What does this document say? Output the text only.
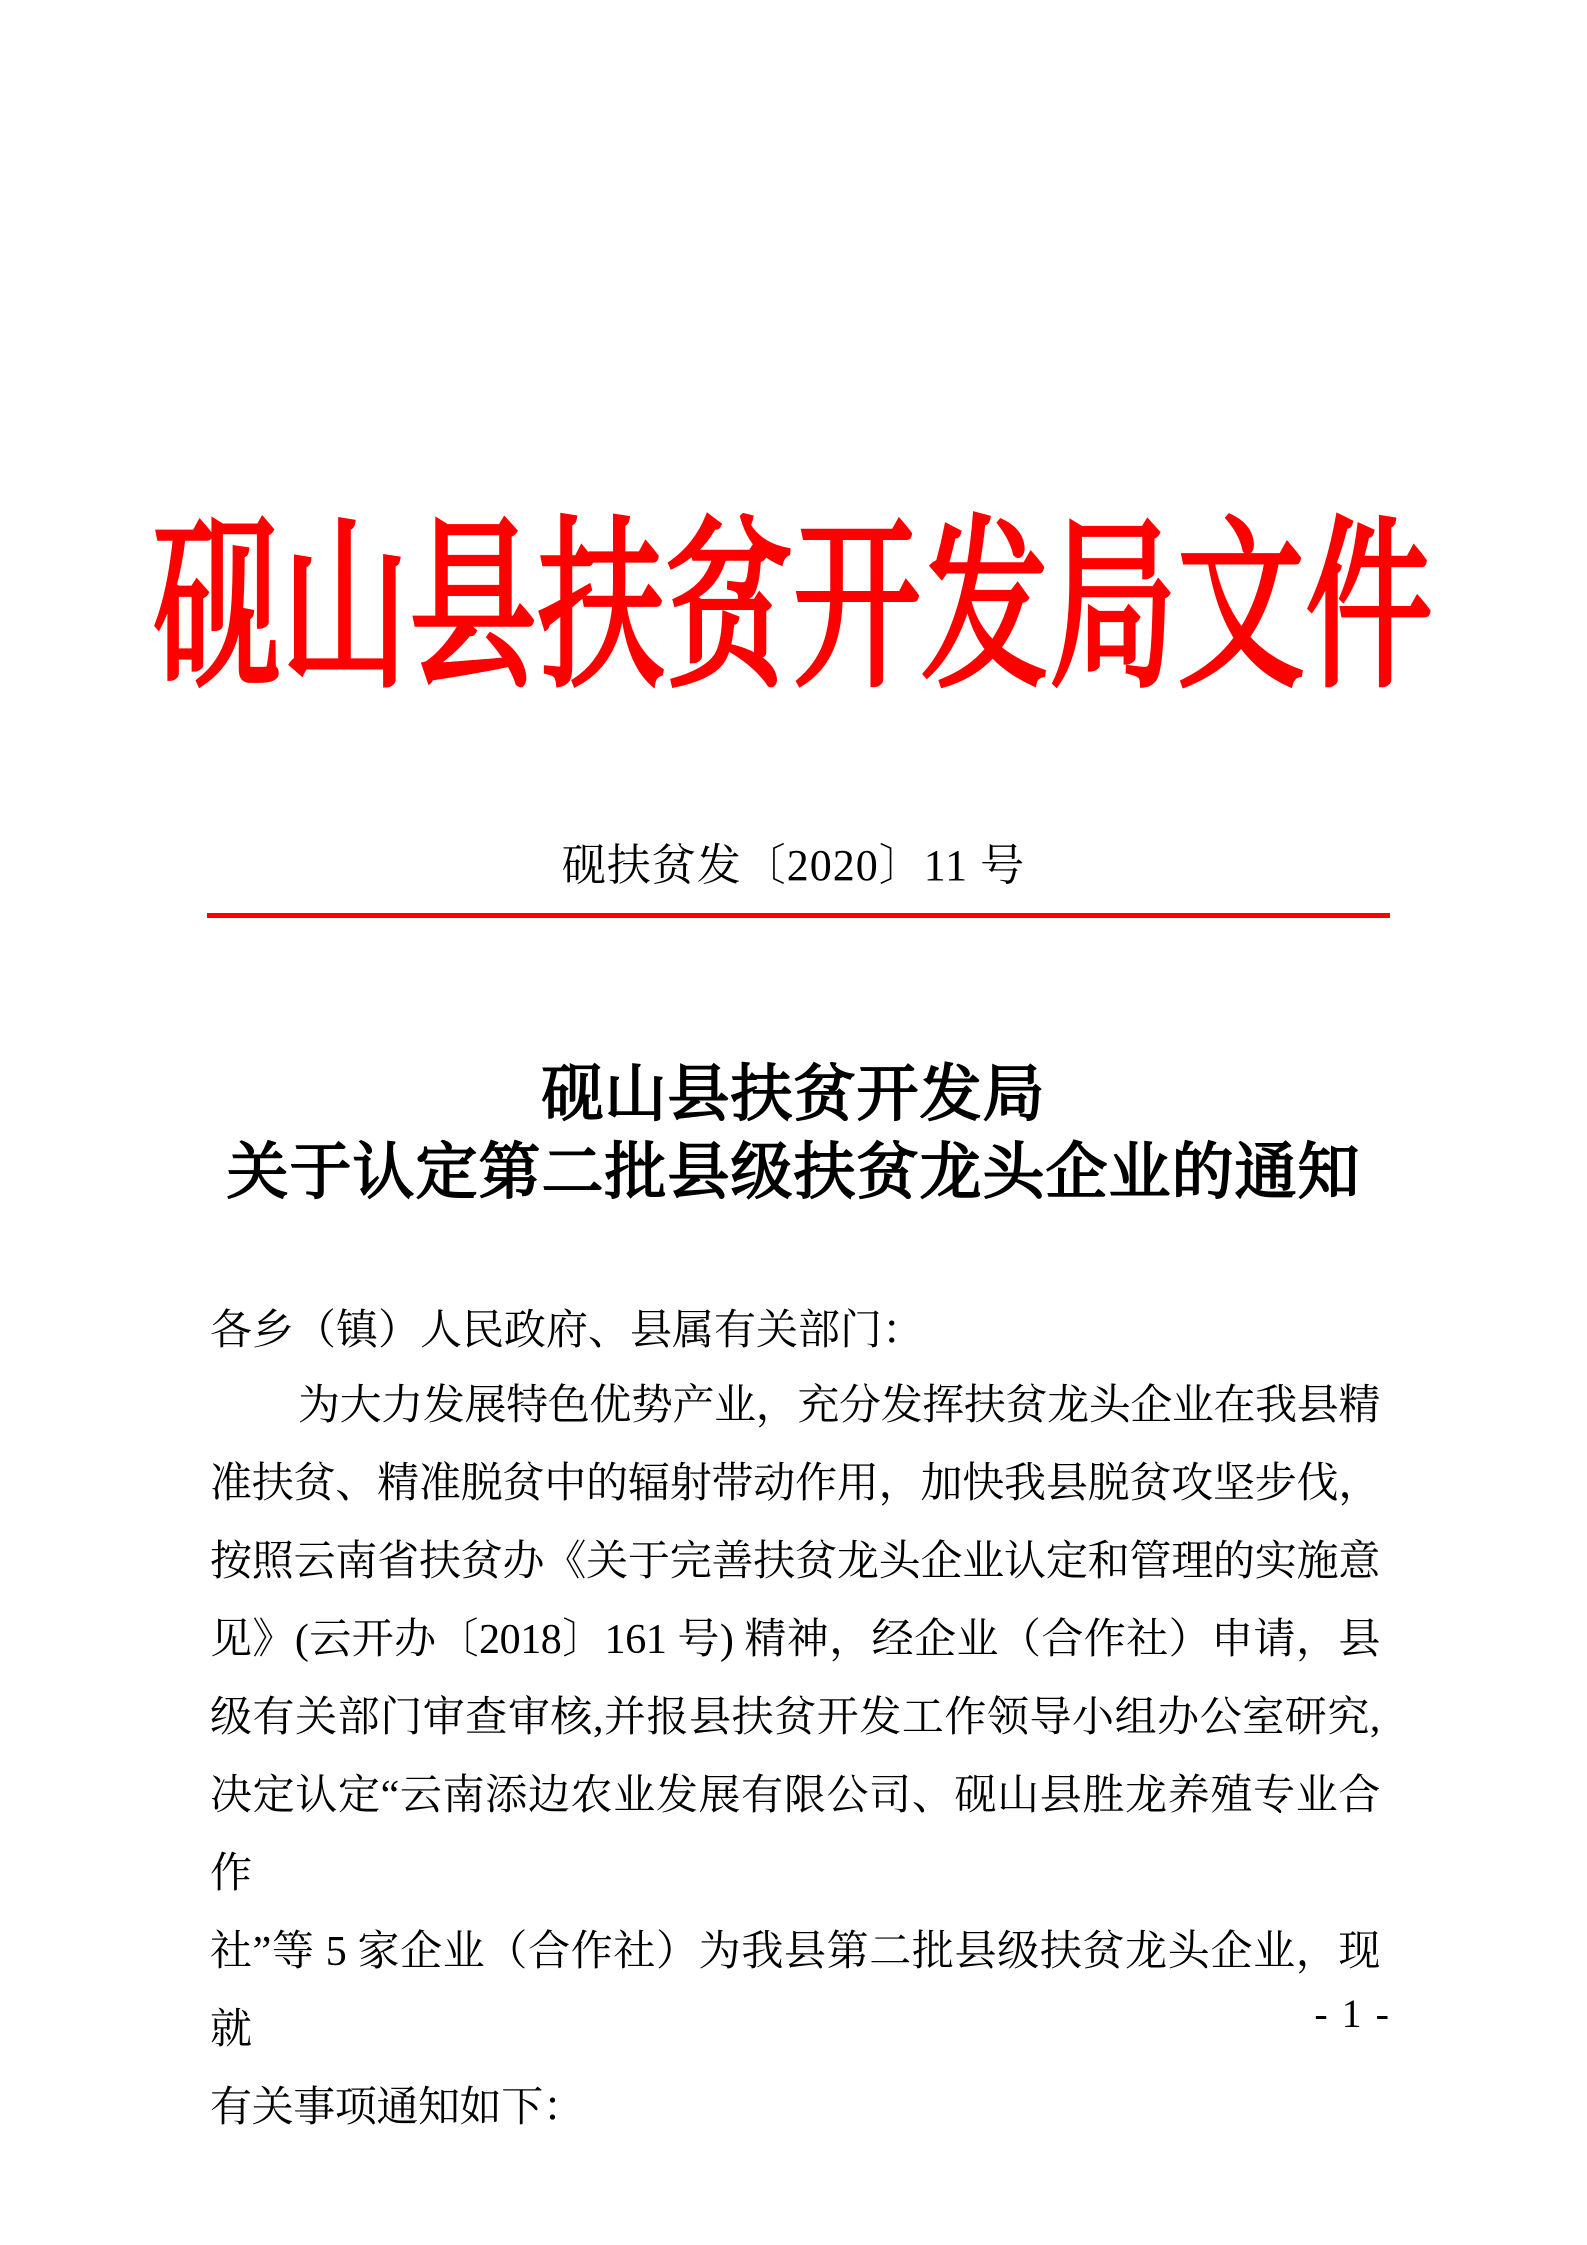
砚山县扶贫开发局文件
砚扶贫发〔2020〕11 号
砚山县扶贫开发局
关于认定第二批县级扶贫龙头企业的通知
各乡（镇）人民政府、县属有关部门：

为大力发展特色优势产业，充分发挥扶贫龙头企业在我县精

准扶贫、精准脱贫中的辐射带动作用，加快我县脱贫攻坚步伐，

按照云南省扶贫办《关于完善扶贫龙头企业认定和管理的实施意

见》(云开办〔2018〕161 号) 精神，经企业（合作社）申请，县

级有关部门审查审核,并报县扶贫开发工作领导小组办公室研究,

决定认定“云南添边农业发展有限公司、砚山县胜龙养殖专业合作

社”等 5 家企业（合作社）为我县第二批县级扶贫龙头企业，现就

有关事项通知如下：

- 1 -
